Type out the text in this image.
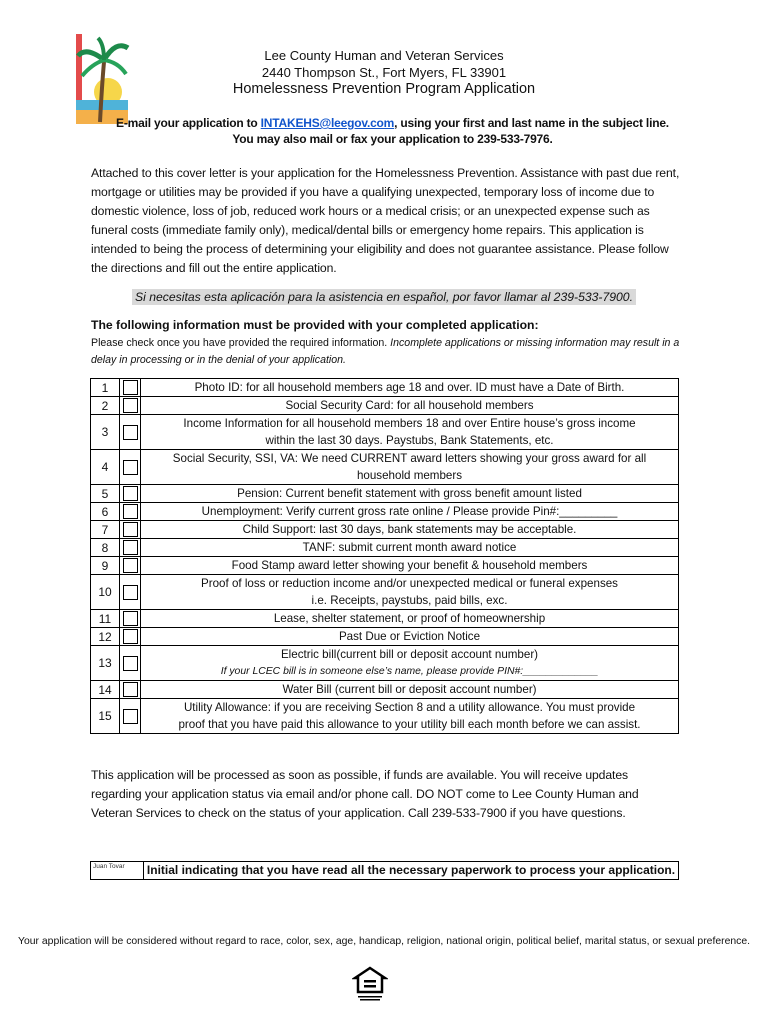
Lee County Human and Veteran Services
2440 Thompson St., Fort Myers, FL 33901
Homelessness Prevention Program Application
E-mail your application to INTAKEHS@leegov.com, using your first and last name in the subject line.
You may also mail or fax your application to 239-533-7976.
Attached to this cover letter is your application for the Homelessness Prevention. Assistance with past due rent, mortgage or utilities may be provided if you have a qualifying unexpected, temporary loss of income due to domestic violence, loss of job, reduced work hours or a medical crisis; or an unexpected expense such as funeral costs (immediate family only), medical/dental bills or emergency home repairs. This application is intended to being the process of determining your eligibility and does not guarantee assistance. Please follow the directions and fill out the entire application.
Si necesitas esta aplicación para la asistencia en español, por favor llamar al 239-533-7900.
The following information must be provided with your completed application:
Please check once you have provided the required information. Incomplete applications or missing information may result in a delay in processing or in the denial of your application.
1		Photo ID: for all household members age 18 and over. ID must have a Date of Birth.

2		Social Security Card: for all household members

3		Income Information for all household members 18 and over Entire house’s gross income
within the last 30 days. Paystubs, Bank Statements, etc.

4		Social Security, SSI, VA: We need CURRENT award letters showing your gross award for all
household members

5		Pension: Current benefit statement with gross benefit amount listed

6		Unemployment: Verify current gross rate online / Please provide Pin#:_________

7		Child Support: last 30 days, bank statements may be acceptable.

8		TANF: submit current month award notice

9		Food Stamp award letter showing your benefit & household members

10		Proof of loss or reduction income and/or unexpected medical or funeral expenses
i.e. Receipts, paystubs, paid bills, exc.

11		Lease, shelter statement, or proof of homeownership

12		Past Due or Eviction Notice

13		Electric bill(current bill or deposit account number)
If your LCEC bill is in someone else’s name, please provide PIN#:_____________

14		Water Bill (current bill or deposit account number)

15		Utility Allowance: if you are receiving Section 8 and a utility allowance. You must provide
proof that you have paid this allowance to your utility bill each month before we can assist.
This application will be processed as soon as possible, if funds are available. You will receive updates regarding your application status via email and/or phone call. DO NOT come to Lee County Human and Veteran Services to check on the status of your application. Call 239-533-7900 if you have questions.
Juan Tovar Initial indicating that you have read all the necessary paperwork to process your application.
Your application will be considered without regard to race, color, sex, age, handicap, religion, national origin, political belief, marital status, or sexual preference.
